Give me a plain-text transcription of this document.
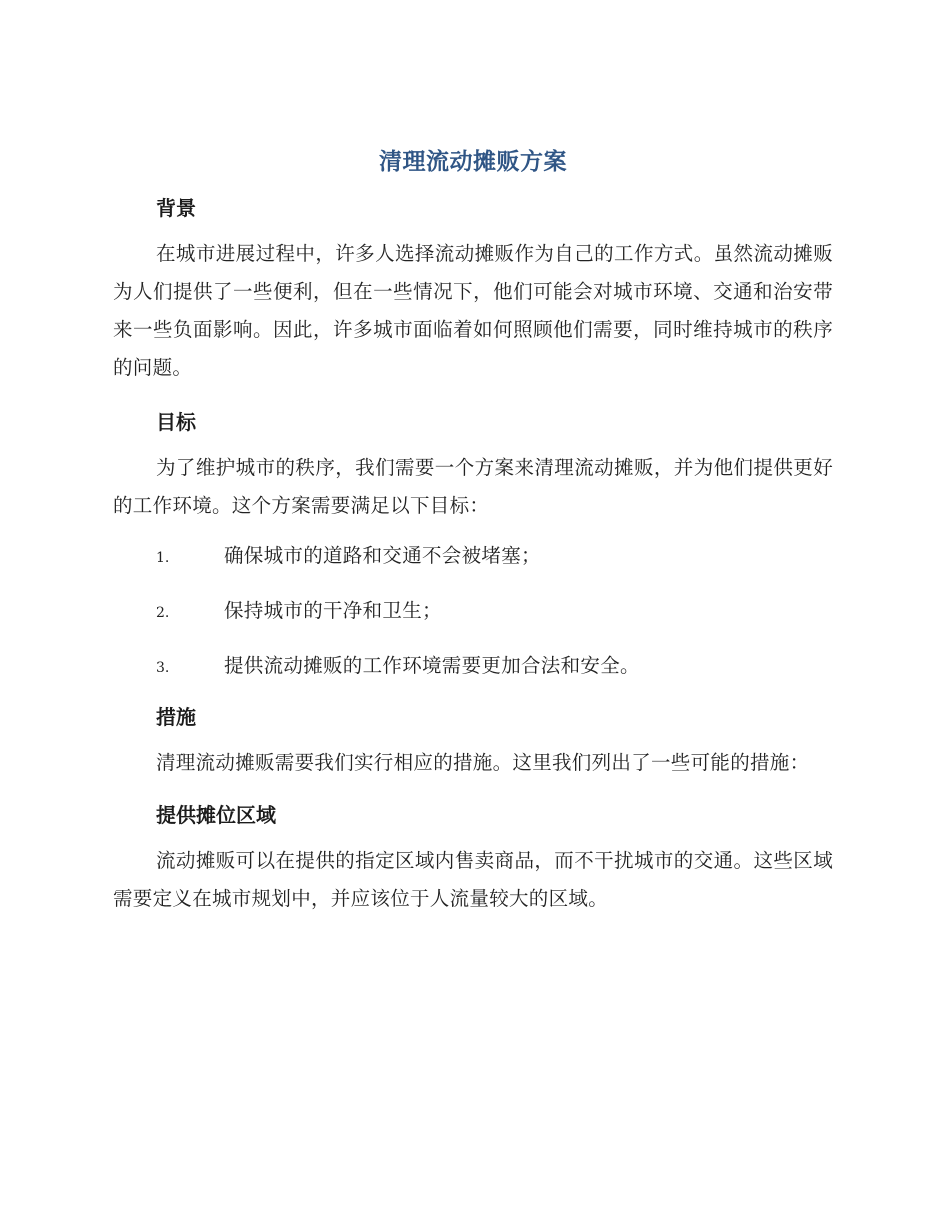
清理流动摊贩方案
背景

在城市进展过程中，许多人选择流动摊贩作为自己的工作方式。虽然流动摊贩为人们提供了一些便利，但在一些情况下，他们可能会对城市环境、交通和治安带来一些负面影响。因此，许多城市面临着如何照顾他们需要，同时维持城市的秩序的问题。

目标

为了维护城市的秩序，我们需要一个方案来清理流动摊贩，并为他们提供更好的工作环境。这个方案需要满足以下目标：

1.	确保城市的道路和交通不会被堵塞；
2.	保持城市的干净和卫生；
3.	提供流动摊贩的工作环境需要更加合法和安全。
措施

清理流动摊贩需要我们实行相应的措施。这里我们列出了一些可能的措施：

提供摊位区域

流动摊贩可以在提供的指定区域内售卖商品，而不干扰城市的交通。这些区域需要定义在城市规划中，并应该位于人流量较大的区域。
